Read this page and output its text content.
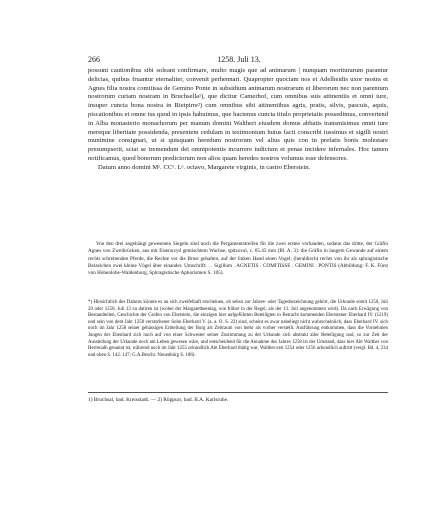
266	1258. Juli 13.

possunt cautionibus sibi soleant confirmare, multo magis que ad animarum | nunquam moriturarum parantur delicias, quibus fruantur eternaliter, convenit perhennari. Quapropter quociam nos et Adelheidis uxor nostra et Agnes filia nostra comitissa de Gemino Ponte in subsidium animarum nostrarum et liberorum nec non parentum nostrorum curiam nostram in Bruchsella¹), que dicitur Camerhof, cum omnibus suis attinentiis et omni iure, insuper cuncta bona nostra in Rietpirre²) cum omnibus sibi attinentibus agris, pratis, silvis, pascuis, aquis, piscationibus et omne ius quod in ipsis habuimus, que hactenus cuncta titulo proprietatis possedimus, convertend in Alba monasterio monachorum per manum domini Waltheri eiusdem domus abbatis transmisimus omni iure mereque liberitate possidenda, presentem cedulam in testimonium huius facti conscribi iussimus et sigilli nostri munimine consignari, ut si quisquam heredum nostrorum vel alius quis con in prefatis bonis molestare presumpserit, sciat se tremendum dei omnipotentis incurrere iudicium et penas incidere infernales. Hoc tamen notificamus, quod bonorum predictorum non alios quam heredes nostros volumus esse defensores.

Datum anno domini Mᵒ. CCᵒ. Lᵒ. octavo, Margarete virginis, in castro Eberstein.

Von den drei angehängt gewesenen Siegeln sind noch die Pergamentstreifen für die zwei ersten vorhanden, sodann das dritte, der Gräfin Agnes von Zweibrücken, aus mit Eisenoxyd gemischtem Wachse, spitzoval, c. 65.45 mm (Bl. A. 3): die Gräfin in langem Gewande auf einem rechts schreitenden Pferde, die Rechte vor die Brust gehalten, auf der linken Hand einen Vogel; (heraldisch) rechts von ihr als sphragistische Beizeichen zwei kleine Vögel über einander. Umschrift: . . Sigillum . AGNETIS . COMITISSE . GEMINI . PONTIS (Abbildung: F. K. Fürst von Hohenlohe-Waldenburg, Sphragistische Aphorismen S. 105).

*) Hinsichtlich des Datums könnte es an sich zweifelhaft erscheinen, ob sebsu zur Jahres- oder Tagesbezeichnung gehört, die Urkunde somit 1250, Juli 20 oder 1258, Juli 13 zu datiren ist (wobei der Margaretheentag, wie früher in der Regel, als der 13. Juli angenommen wird). Da nach Erwägung von Bestandteilen, Geschichte der Grafen von Eberstein, die einzigen hier aufgeführten Beteiligten in Betracht kommenden Eberstener Eberhard IV. (1219) und sein von dem Jahr 1258 verstorbener Sohn Eberhard V. (a. a. O. S. 22) sind, scheint es zwar naheliegt nicht wahrscheinlich, dass Eberhard IV. sich noch im Jahr 1258 seiner gehässigen Erbteilung der Burg als Zeitraum von mehr als vorher verstellt. Ausführung entkommen, dass die Vornehmen Jungen der Ebenhard sich noch auf von einer Schwester seiner Zustimmung zu der Urkunde sich abstrakt aller Beteiligung und, so zur Zeit der Ausstellung der Urkunde noch am Leben gewesen wäre, und entscheidend für die Annahme des Jahres 1258 ist der Umstand, dass hier Abt Walther von Herrenalb genannt ist, während noch im Jahr 1255 urkundlich Abt Eberhard thätig war, Walther erst 1254 oder 1256 urkundlich auftritt (vergl. Bd. 4, 234 und oben S. 142. 147; G.A.Beschr. Neuenbürg S. 186).

1) Bruchsal, bad. Kreisstadt. — 2) Rüppurr, bad. B.A. Karlsruhe.
